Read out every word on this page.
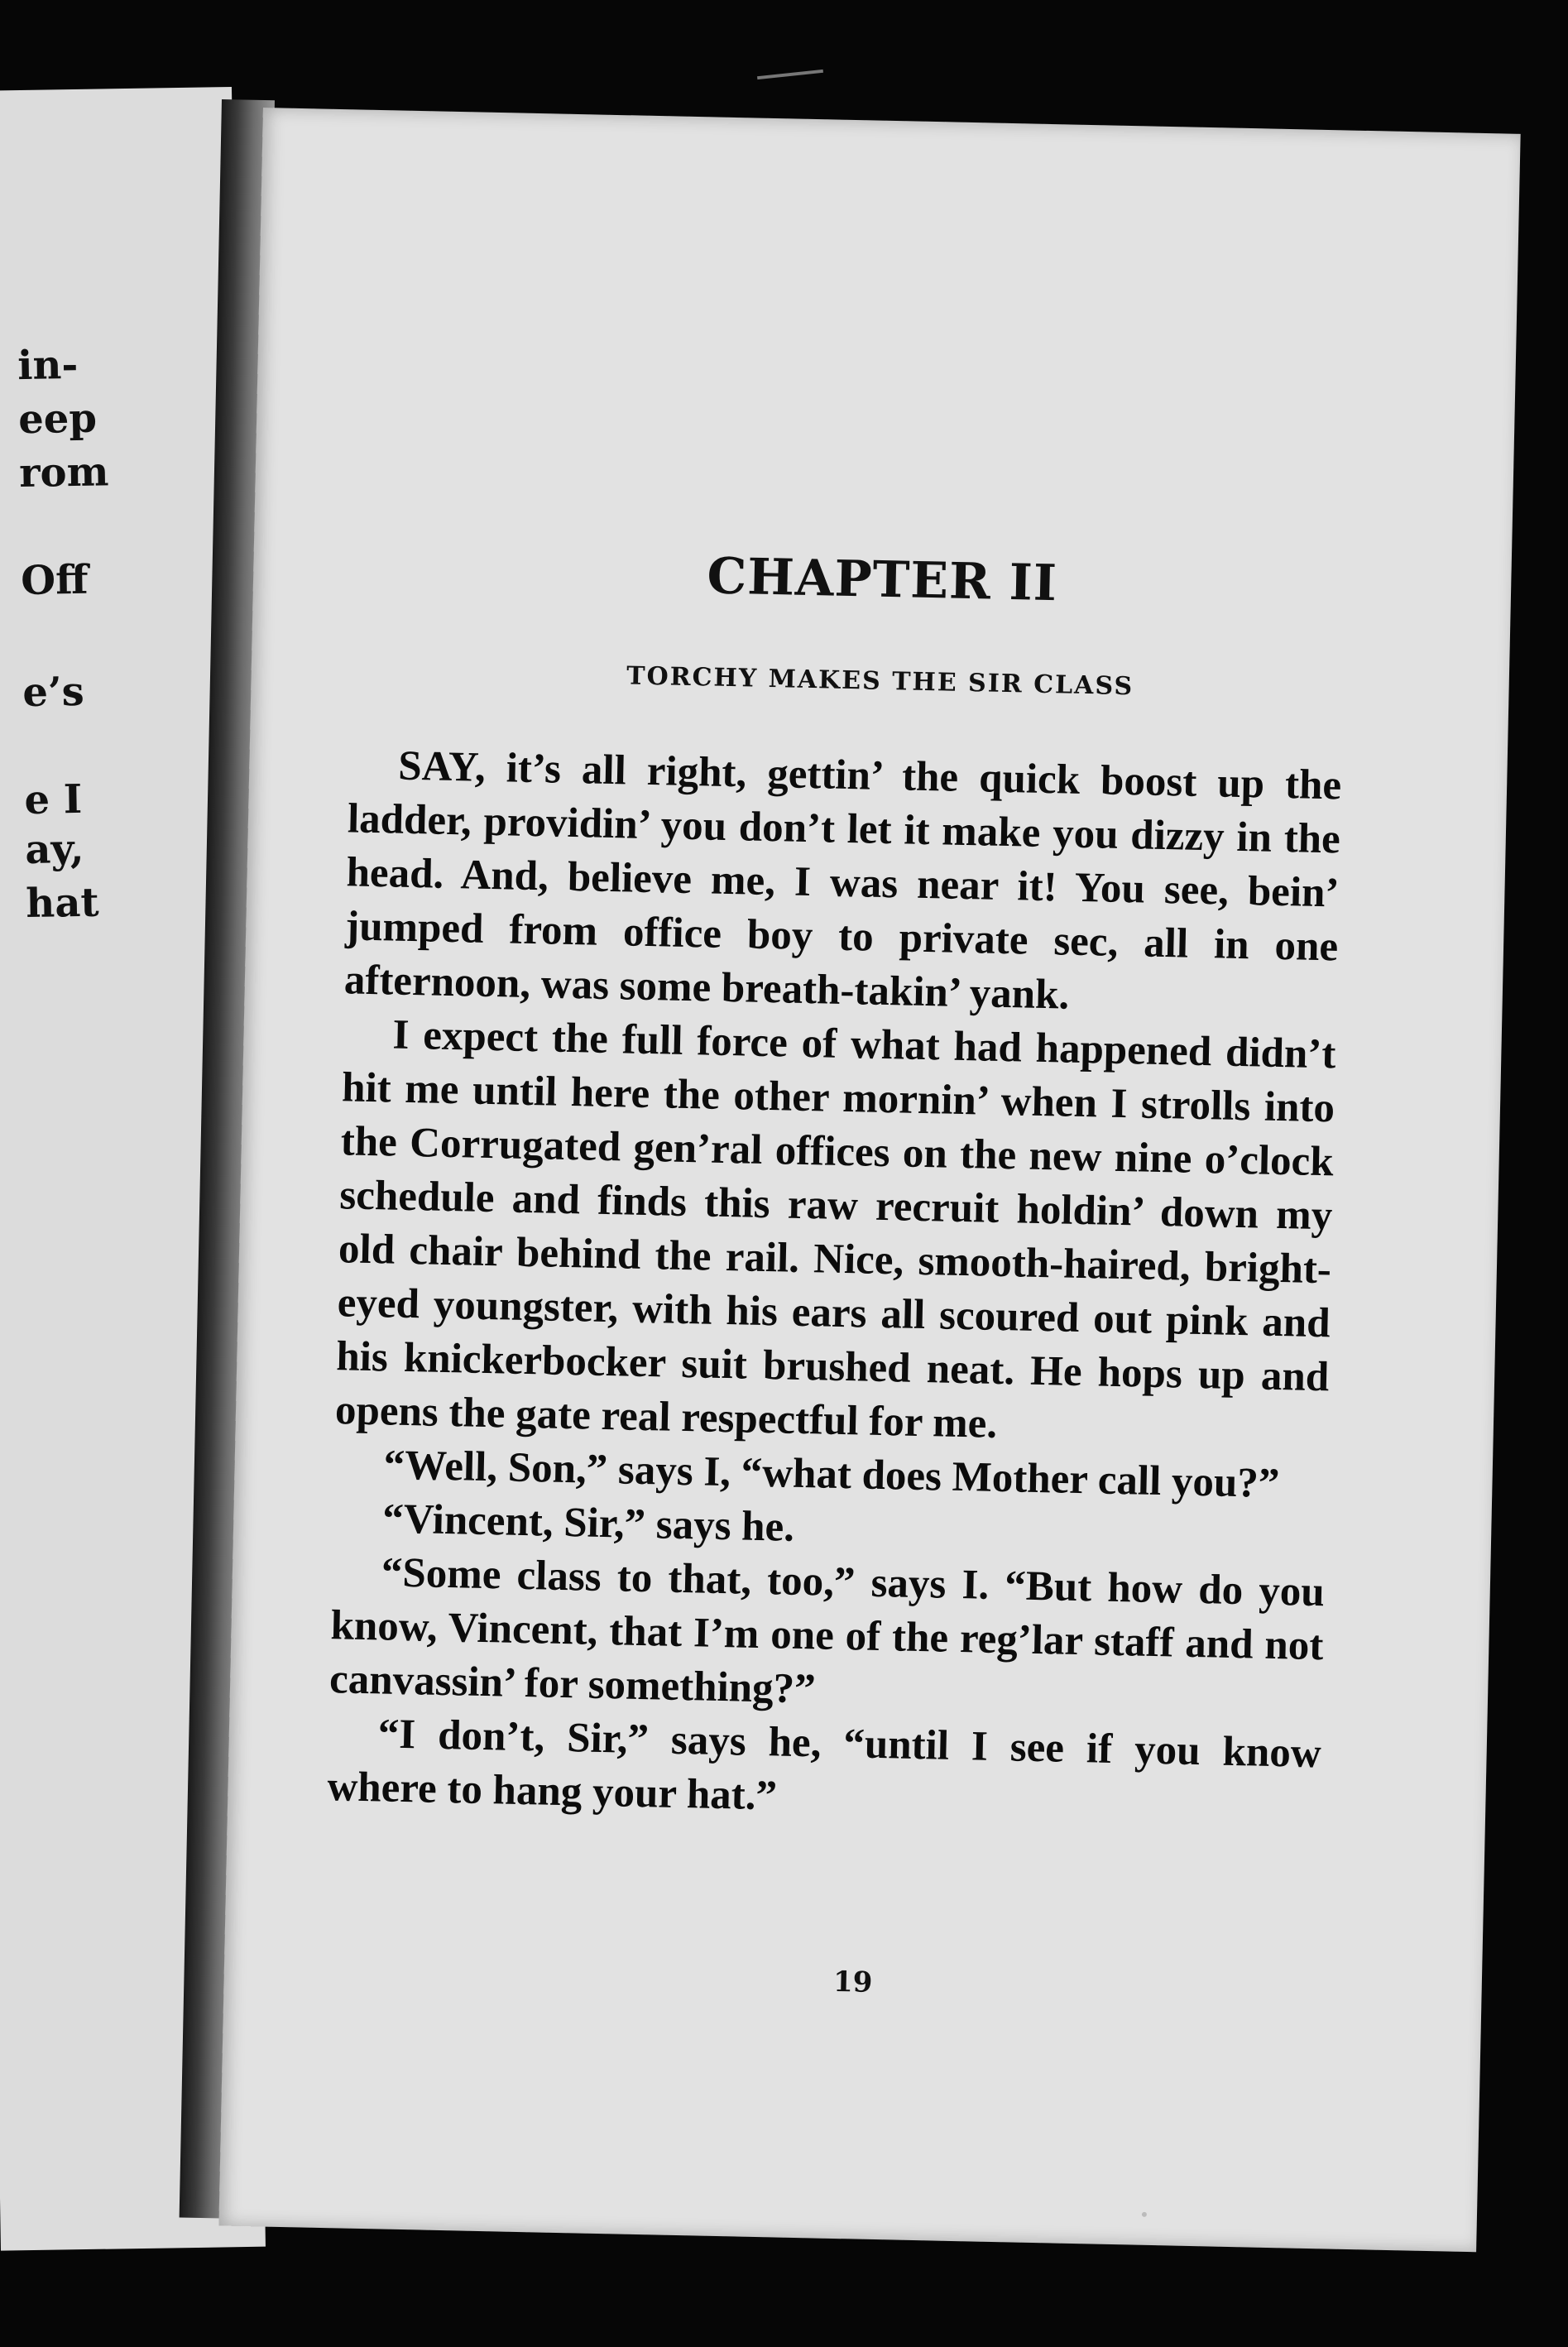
in-
eep
rom
Off
e’s
e I
ay,
hat
CHAPTER II
TORCHY MAKES THE SIR CLASS

SAY, it’s all right, gettin’ the quick boost up the ladder, providin’ you don’t let it make you dizzy in the head. And, believe me, I was near it! You see, bein’ jumped from office boy to private sec, all in one afternoon, was some breath-takin’ yank.

I expect the full force of what had happened didn’t hit me until here the other mornin’ when I strolls into the Corrugated gen’ral offices on the new nine o’clock schedule and finds this raw recruit holdin’ down my old chair behind the rail. Nice, smooth-haired, bright-eyed youngster, with his ears all scoured out pink and his knickerbocker suit brushed neat. He hops up and opens the gate real respectful for me.

“Well, Son,” says I, “what does Mother call you?”

“Vincent, Sir,” says he.

“Some class to that, too,” says I. “But how do you know, Vincent, that I’m one of the reg’lar staff and not canvassin’ for something?”

“I don’t, Sir,” says he, “until I see if you know where to hang your hat.”

19
